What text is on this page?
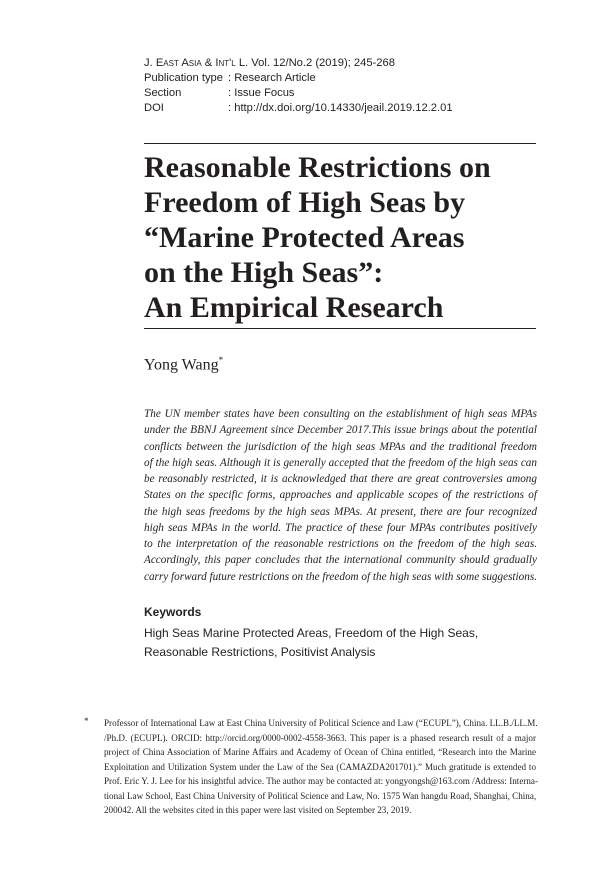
J. East Asia & Int'l L. Vol. 12/No.2 (2019); 245-268
Publication type : Research Article
Section	: Issue Focus
DOI	: http://dx.doi.org/10.14330/jeail.2019.12.2.01
Reasonable Restrictions on
Freedom of High Seas by
“Marine Protected Areas
on the High Seas”:
An Empirical Research
Yong Wang*
The UN member states have been consulting on the establishment of high seas MPAs
under the BBNJ Agreement since December 2017.This issue brings about the potential
conflicts between the jurisdiction of the high seas MPAs and the traditional freedom
of the high seas. Although it is generally accepted that the freedom of the high seas can
be reasonably restricted, it is acknowledged that there are great controversies among
States on the specific forms, approaches and applicable scopes of the restrictions of
the high seas freedoms by the high seas MPAs. At present, there are four recognized
high seas MPAs in the world. The practice of these four MPAs contributes positively
to the interpretation of the reasonable restrictions on the freedom of the high seas.
Accordingly, this paper concludes that the international community should gradually
carry forward future restrictions on the freedom of the high seas with some suggestions.
Keywords
High Seas Marine Protected Areas, Freedom of the High Seas,
Reasonable Restrictions, Positivist Analysis
* Professor of International Law at East China University of Political Science and Law (“ECUPL”), China. LL.B./LL.M.
/Ph.D. (ECUPL). ORCID: http://orcid.org/0000-0002-4558-3663. This paper is a phased research result of a major
project of China Association of Marine Affairs and Academy of Ocean of China entitled, “Research into the Marine
Exploitation and Utilization System under the Law of the Sea (CAMAZDA201701).” Much gratitude is extended to
Prof. Eric Y. J. Lee for his insightful advice. The author may be contacted at: yongyongsh@163.com /Address: Interna-
tional Law School, East China University of Political Science and Law, No. 1575 Wan hangdu Road, Shanghai, China,
200042. All the websites cited in this paper were last visited on September 23, 2019.
